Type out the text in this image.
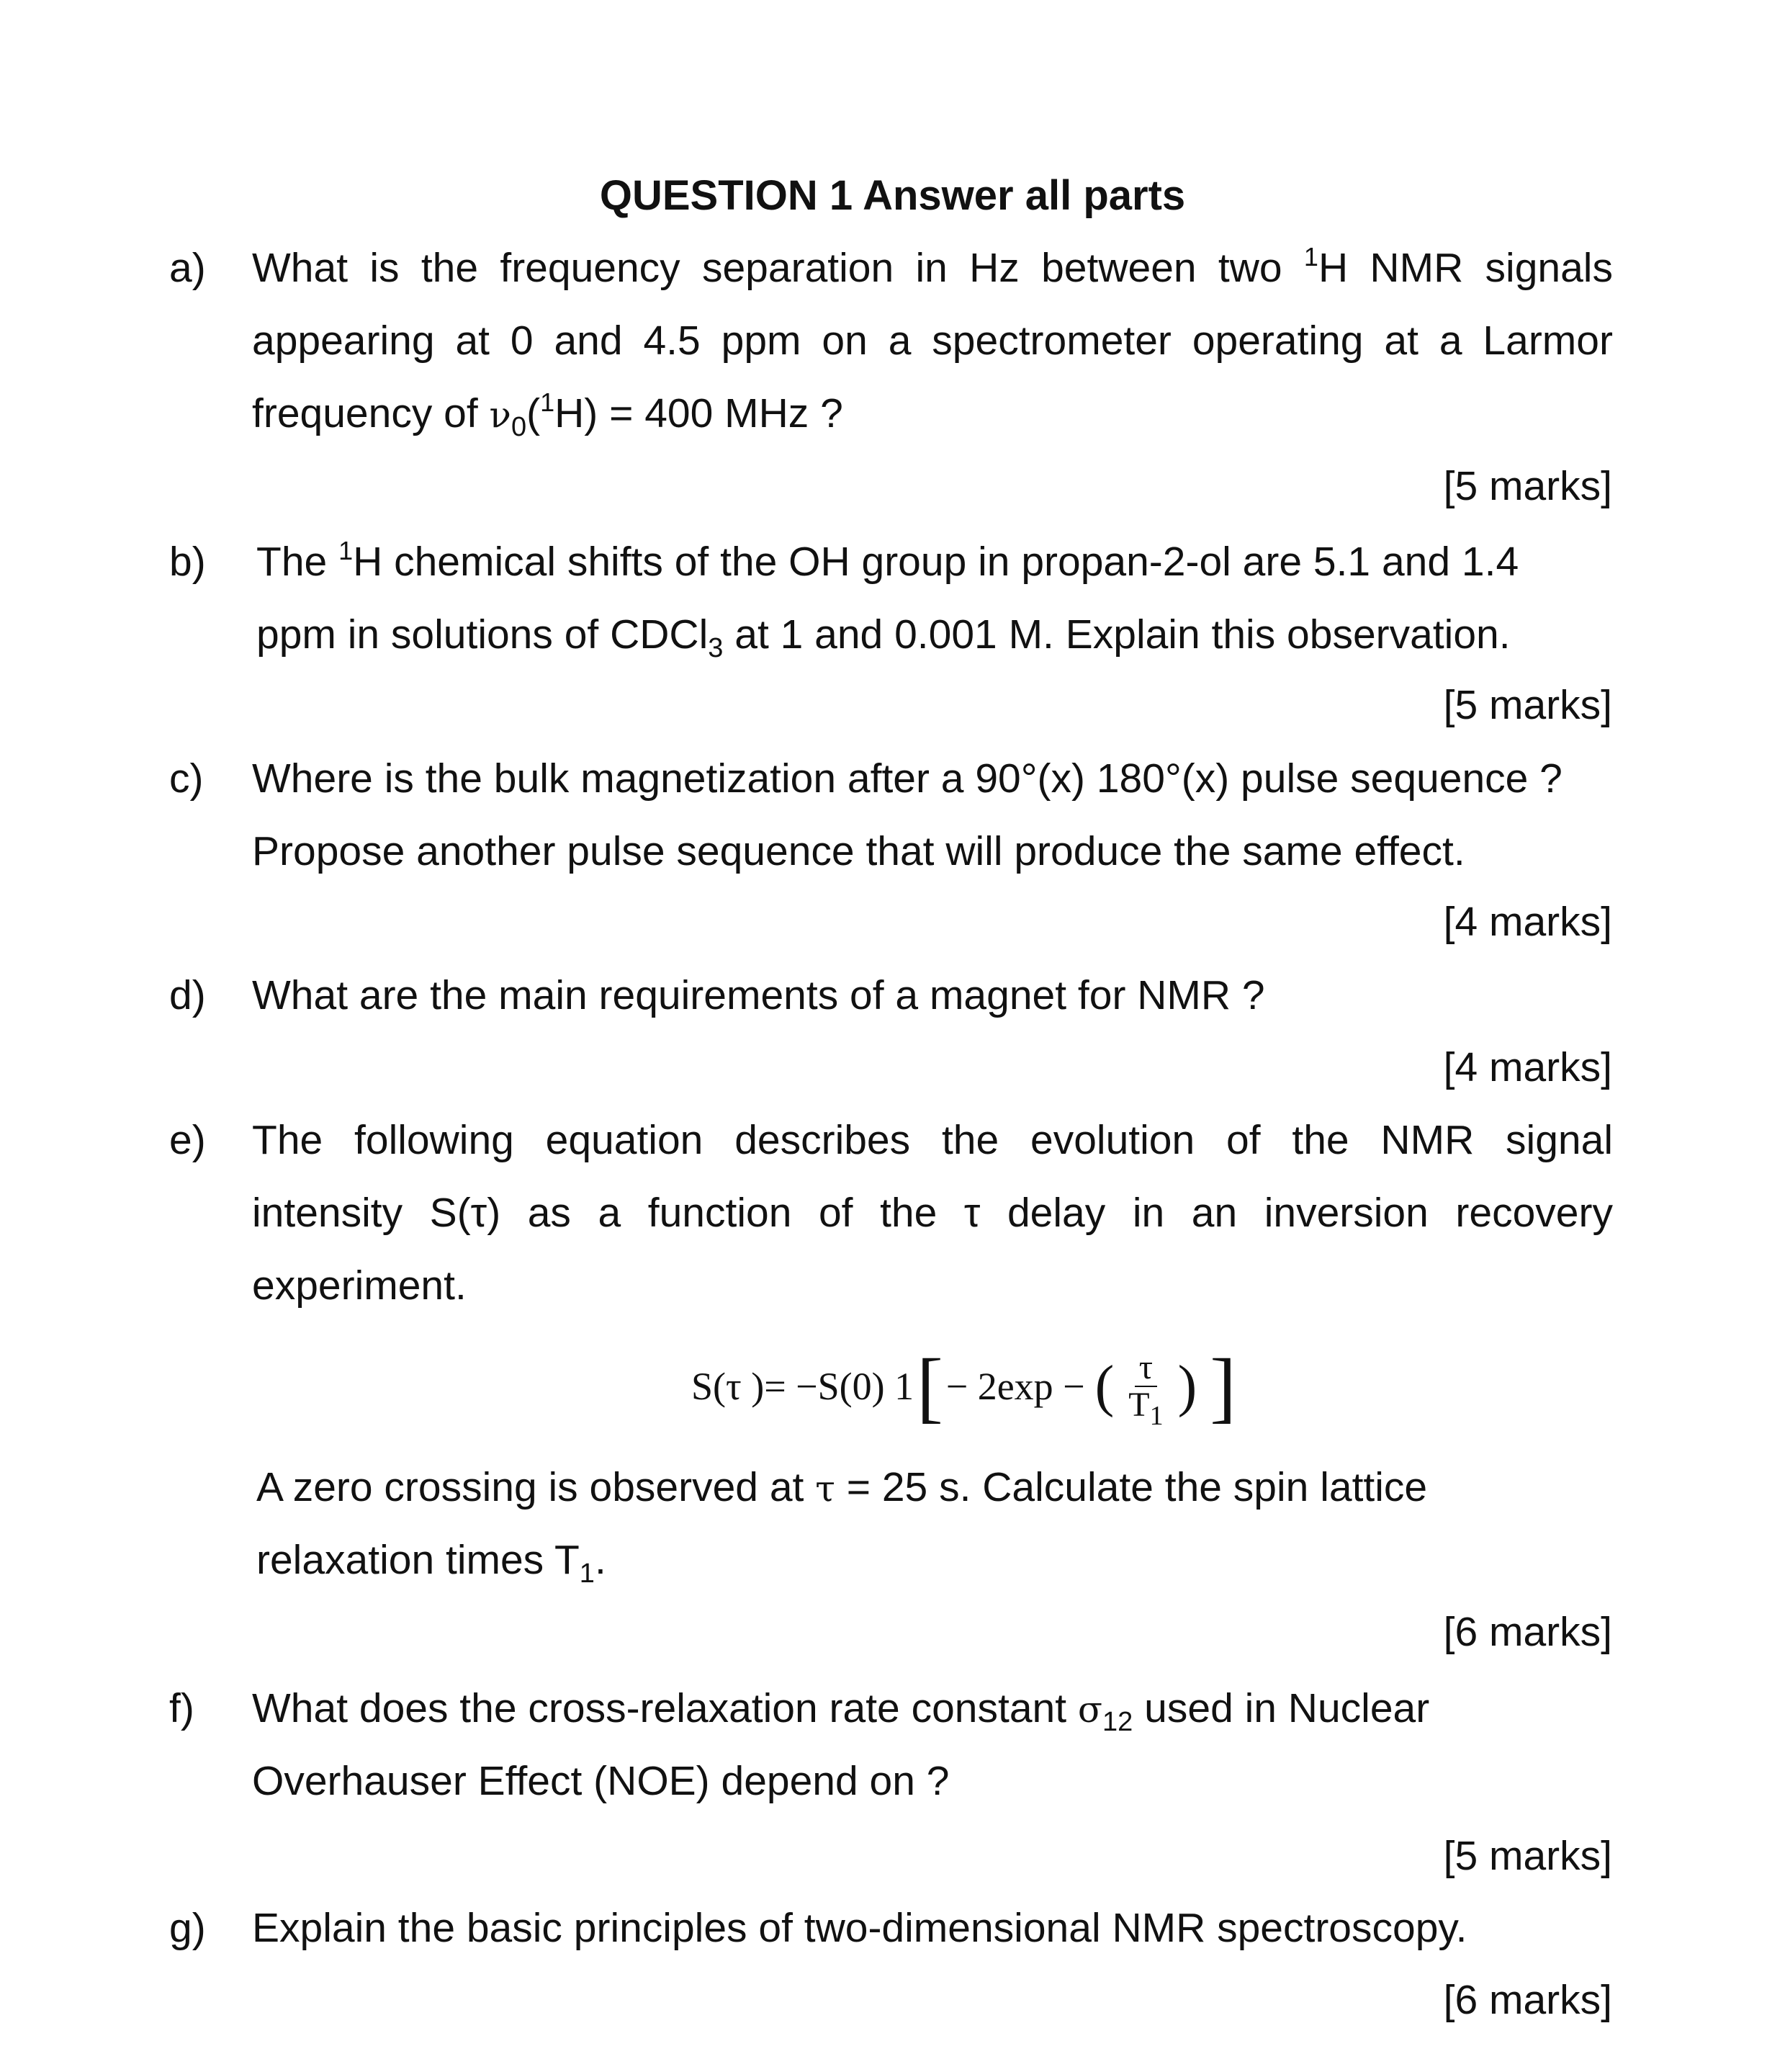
QUESTION 1 Answer all parts
a) What is the frequency separation in Hz between two $^1$H NMR signals
appearing at 0 and 4.5 ppm on a spectrometer operating at a Larmor
frequency of $\nu_0(^1H) = 400$ MHz ?
[5 marks]
b) The $^1$H chemical shifts of the OH group in propan-2-ol are 5.1 and 1.4
ppm in solutions of CDCl$_3$ at 1 and 0.001 M. Explain this observation.
[5 marks]
c) Where is the bulk magnetization after a 90°(x) 180°(x) pulse sequence ?
Propose another pulse sequence that will produce the same effect.
[4 marks]
d) What are the main requirements of a magnet for NMR ?
[4 marks]
e) The following equation describes the evolution of the NMR signal
intensity S(τ) as a function of the τ delay in an inversion recovery
experiment.
S(τ )= −S(0) 1 [ − 2exp − ( $\frac{\tau}{T_1}$ ) ]
A zero crossing is observed at τ = 25 s. Calculate the spin lattice
relaxation times $T_1$.
[6 marks]
f) What does the cross-relaxation rate constant $\sigma_{12}$ used in Nuclear
Overhauser Effect (NOE) depend on ?
[5 marks]
g) Explain the basic principles of two-dimensional NMR spectroscopy.
[6 marks]
